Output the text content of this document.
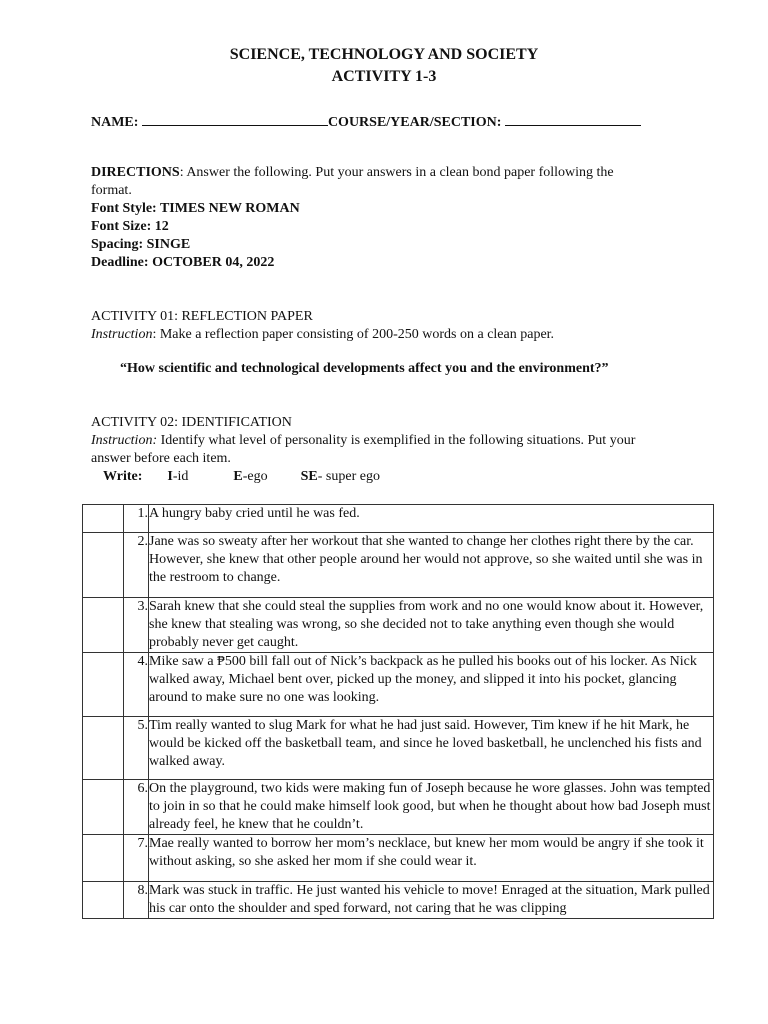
SCIENCE, TECHNOLOGY AND SOCIETY
ACTIVITY 1-3
NAME:	COURSE/YEAR/SECTION:
DIRECTIONS: Answer the following. Put your answers in a clean bond paper following the
format.
Font Style: TIMES NEW ROMAN
Font Size: 12
Spacing: SINGE
Deadline: OCTOBER 04, 2022
ACTIVITY 01: REFLECTION PAPER
Instruction: Make a reflection paper consisting of 200-250 words on a clean paper.
“How scientific and technological developments affect you and the environment?”
ACTIVITY 02: IDENTIFICATION
Instruction: Identify what level of personality is exemplified in the following situations. Put your
answer before each item.
Write: I-id	E-ego SE- super ego
	1.	A hungry baby cried until he was fed.
	2.	Jane was so sweaty after her workout that she wanted to change her clothes right there by the car. However, she knew that other people around her would not approve, so she waited until she was in the restroom to change.
	3.	Sarah knew that she could steal the supplies from work and no one would know about it. However, she knew that stealing was wrong, so she decided not to take anything even though she would probably never get caught.
	4.	Mike saw a ₱500 bill fall out of Nick’s backpack as he pulled his books out of his locker. As Nick walked away, Michael bent over, picked up the money, and slipped it into his pocket, glancing around to make sure no one was looking.
	5.	Tim really wanted to slug Mark for what he had just said. However, Tim knew if he hit Mark, he would be kicked off the basketball team, and since he loved basketball, he unclenched his fists and walked away.
	6.	On the playground, two kids were making fun of Joseph because he wore glasses. John was tempted to join in so that he could make himself look good, but when he thought about how bad Joseph must already feel, he knew that he couldn’t.
	7.	Mae really wanted to borrow her mom’s necklace, but knew her mom would be angry if she took it without asking, so she asked her mom if she could wear it.
	8.	Mark was stuck in traffic. He just wanted his vehicle to move! Enraged at the situation, Mark pulled his car onto the shoulder and sped forward, not caring that he was clipping
